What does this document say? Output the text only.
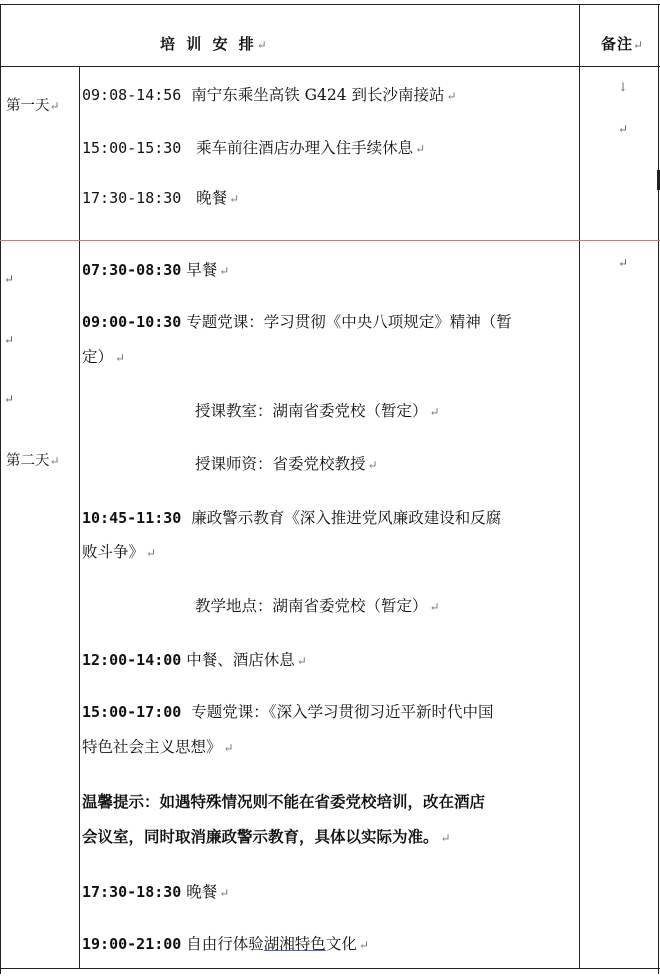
培 训 安 排↵	备注↵
第一天↵
09:08-14:56 南宁东乘坐高铁 G424 到长沙南接站 ↵
15:00-15:30 乘车前往酒店办理入住手续休息 ↵
17:30-18:30 晚餐 ↵
↓
↵
↵
↵
↵
第二天↵
↵
07:30-08:30 早餐 ↵
09:00-10:30 专题党课：学习贯彻《中央八项规定》精神（暂
定） ↵
授课教室：湖南省委党校（暂定） ↵
授课师资：省委党校教授 ↵
10:45-11:30 廉政警示教育《深入推进党风廉政建设和反腐
败斗争》 ↵
教学地点：湖南省委党校（暂定） ↵
12:00-14:00 中餐、酒店休息 ↵
15:00-17:00 专题党课：《深入学习贯彻习近平新时代中国
特色社会主义思想》 ↵
温馨提示：如遇特殊情况则不能在省委党校培训，改在酒店
会议室，同时取消廉政警示教育，具体以实际为准。 ↵
17:30-18:30 晚餐 ↵
19:00-21:00 自由行体验湖湘特色文化 ↵
